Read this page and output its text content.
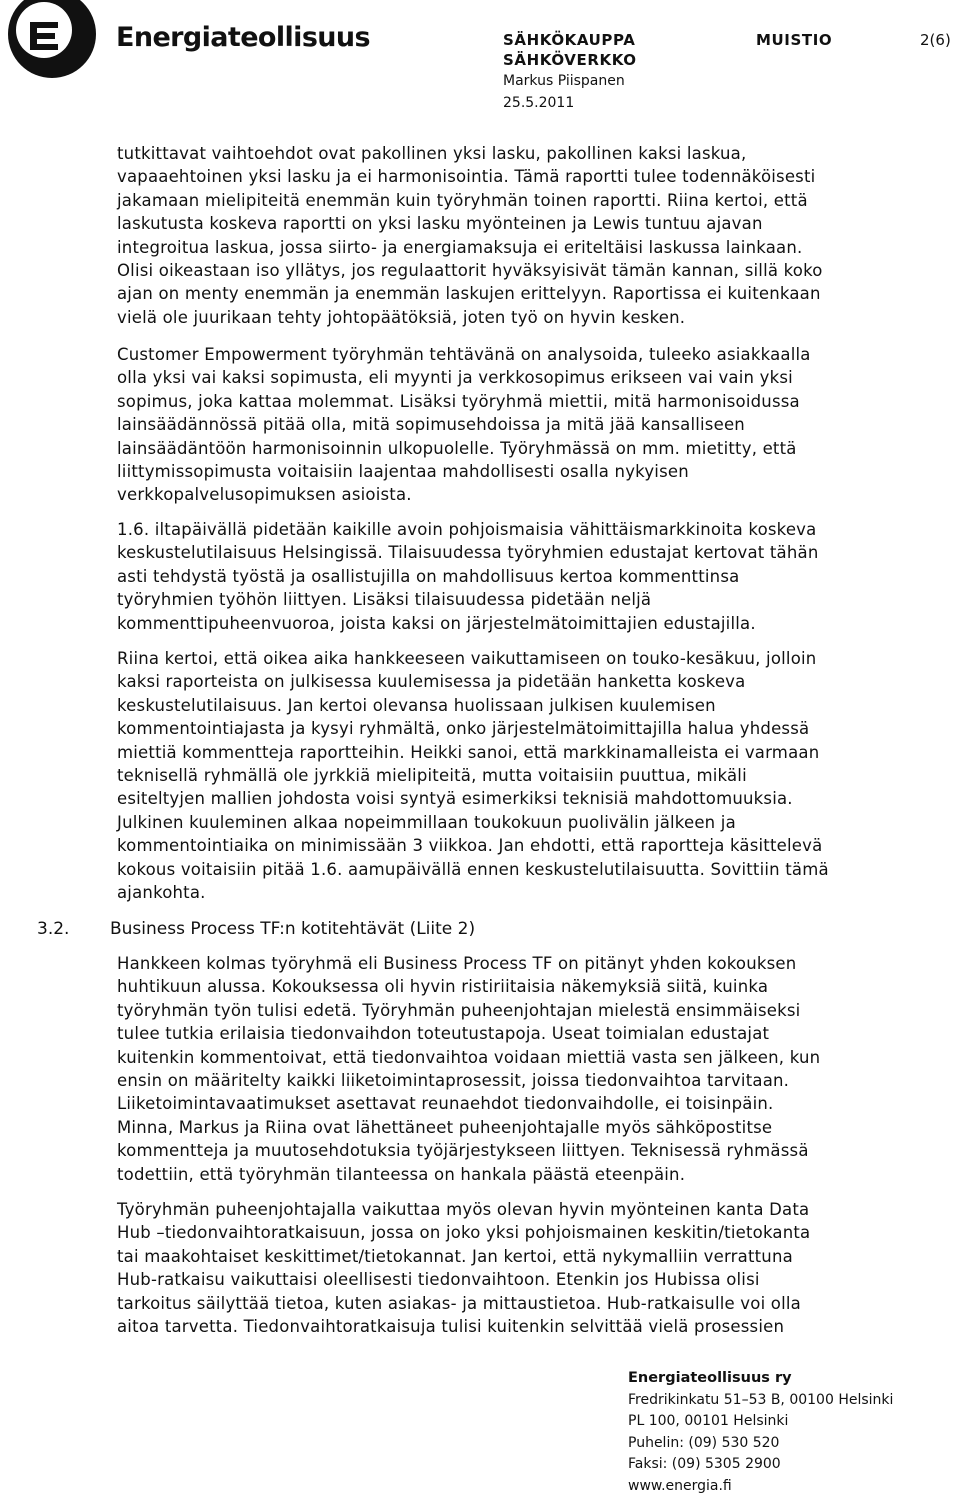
Energiateollisuus	SÄHKÖKAUPPA
SÄHKÖVERKKO
MUISTIO	2(6)
Markus Piispanen
25.5.2011
tutkittavat vaihtoehdot ovat pakollinen yksi lasku, pakollinen kaksi laskua,
vapaaehtoinen yksi lasku ja ei harmonisointia. Tämä raportti tulee todennäköisesti
jakamaan mielipiteitä enemmän kuin työryhmän toinen raportti. Riina kertoi, että
laskutusta koskeva raportti on yksi lasku myönteinen ja Lewis tuntuu ajavan
integroitua laskua, jossa siirto- ja energiamaksuja ei eriteltäisi laskussa lainkaan.
Olisi oikeastaan iso yllätys, jos regulaattorit hyväksyisivät tämän kannan, sillä koko
ajan on menty enemmän ja enemmän laskujen erittelyyn. Raportissa ei kuitenkaan
vielä ole juurikaan tehty johtopäätöksiä, joten työ on hyvin kesken.
Customer Empowerment työryhmän tehtävänä on analysoida, tuleeko asiakkaalla
olla yksi vai kaksi sopimusta, eli myynti ja verkkosopimus erikseen vai vain yksi
sopimus, joka kattaa molemmat. Lisäksi työryhmä miettii, mitä harmonisoidussa
lainsäädännössä pitää olla, mitä sopimusehdoissa ja mitä jää kansalliseen
lainsäädäntöön harmonisoinnin ulkopuolelle. Työryhmässä on mm. mietitty, että
liittymissopimusta voitaisiin laajentaa mahdollisesti osalla nykyisen
verkkopalvelusopimuksen asioista.
1.6. iltapäivällä pidetään kaikille avoin pohjoismaisia vähittäismarkkinoita koskeva
keskustelutilaisuus Helsingissä. Tilaisuudessa työryhmien edustajat kertovat tähän
asti tehdystä työstä ja osallistujilla on mahdollisuus kertoa kommenttinsa
työryhmien työhön liittyen. Lisäksi tilaisuudessa pidetään neljä
kommenttipuheenvuoroa, joista kaksi on järjestelmätoimittajien edustajilla.
Riina kertoi, että oikea aika hankkeeseen vaikuttamiseen on touko-kesäkuu, jolloin
kaksi raporteista on julkisessa kuulemisessa ja pidetään hanketta koskeva
keskustelutilaisuus. Jan kertoi olevansa huolissaan julkisen kuulemisen
kommentointiajasta ja kysyi ryhmältä, onko järjestelmätoimittajilla halua yhdessä
miettiä kommentteja raportteihin. Heikki sanoi, että markkinamalleista ei varmaan
teknisellä ryhmällä ole jyrkkiä mielipiteitä, mutta voitaisiin puuttua, mikäli
esiteltyjen mallien johdosta voisi syntyä esimerkiksi teknisiä mahdottomuuksia.
Julkinen kuuleminen alkaa nopeimmillaan toukokuun puolivälin jälkeen ja
kommentointiaika on minimissään 3 viikkoa. Jan ehdotti, että raportteja käsittelevä
kokous voitaisiin pitää 1.6. aamupäivällä ennen keskustelutilaisuutta. Sovittiin tämä
ajankohta.
3.2. Business Process TF:n kotitehtävät (Liite 2)
Hankkeen kolmas työryhmä eli Business Process TF on pitänyt yhden kokouksen
huhtikuun alussa. Kokouksessa oli hyvin ristiriitaisia näkemyksiä siitä, kuinka
työryhmän työn tulisi edetä. Työryhmän puheenjohtajan mielestä ensimmäiseksi
tulee tutkia erilaisia tiedonvaihdon toteutustapoja. Useat toimialan edustajat
kuitenkin kommentoivat, että tiedonvaihtoa voidaan miettiä vasta sen jälkeen, kun
ensin on määritelty kaikki liiketoimintaprosessit, joissa tiedonvaihtoa tarvitaan.
Liiketoimintavaatimukset asettavat reunaehdot tiedonvaihdolle, ei toisinpäin.
Minna, Markus ja Riina ovat lähettäneet puheenjohtajalle myös sähköpostitse
kommentteja ja muutosehdotuksia työjärjestykseen liittyen. Teknisessä ryhmässä
todettiin, että työryhmän tilanteessa on hankala päästä eteenpäin.
Työryhmän puheenjohtajalla vaikuttaa myös olevan hyvin myönteinen kanta Data
Hub –tiedonvaihtoratkaisuun, jossa on joko yksi pohjoismainen keskitin/tietokanta
tai maakohtaiset keskittimet/tietokannat. Jan kertoi, että nykymalliin verrattuna
Hub-ratkaisu vaikuttaisi oleellisesti tiedonvaihtoon. Etenkin jos Hubissa olisi
tarkoitus säilyttää tietoa, kuten asiakas- ja mittaustietoa. Hub-ratkaisulle voi olla
aitoa tarvetta. Tiedonvaihtoratkaisuja tulisi kuitenkin selvittää vielä prosessien
Energiateollisuus ry
Fredrikinkatu 51–53 B, 00100 Helsinki
PL 100, 00101 Helsinki
Puhelin: (09) 530 520
Faksi: (09) 5305 2900
www.energia.fi
